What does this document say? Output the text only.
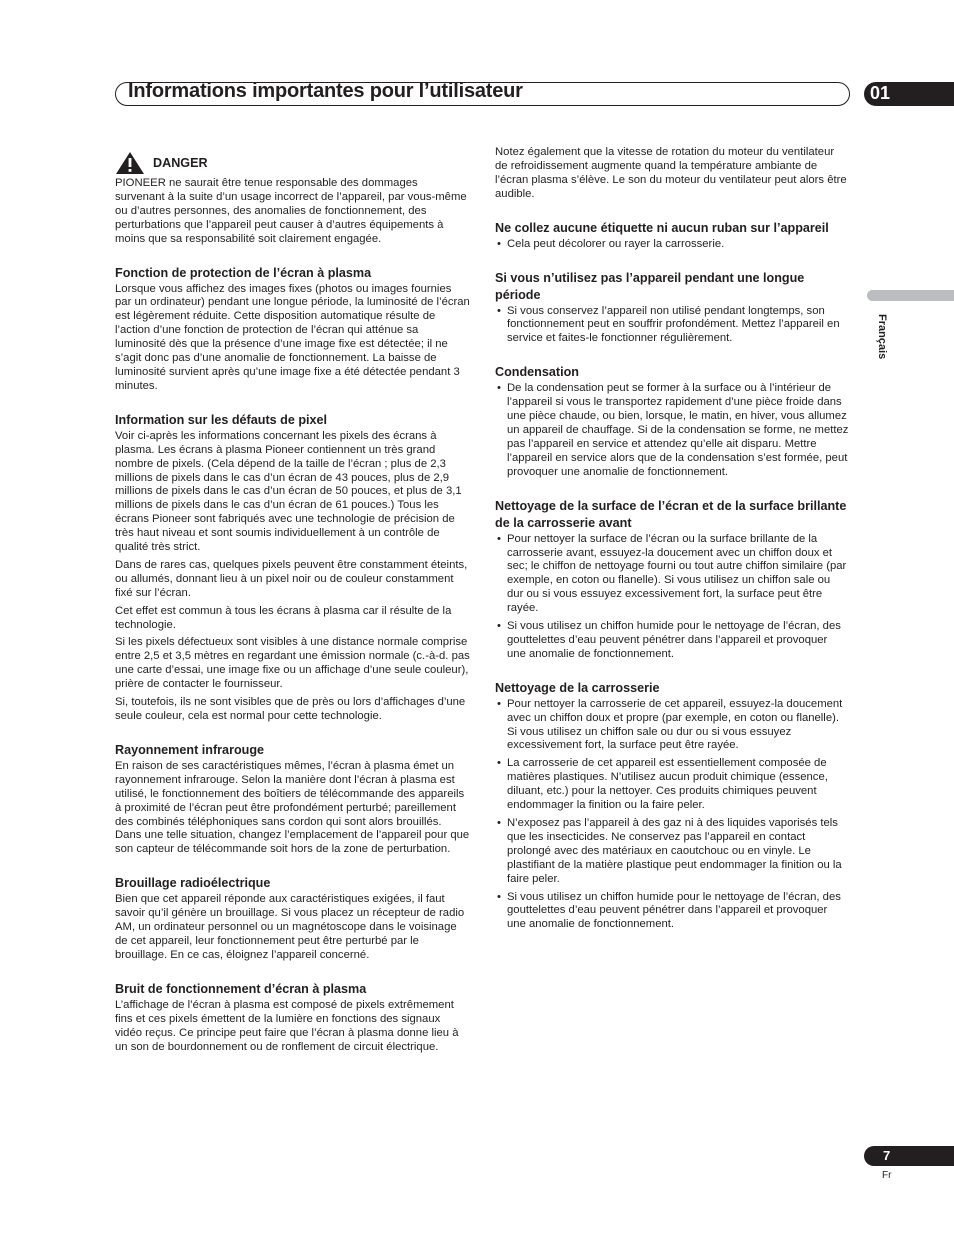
Informations importantes pour l’utilisateur	01
Français
DANGER

PIONEER ne saurait être tenue responsable des dommages survenant à la suite d’un usage incorrect de l’appareil, par vous-même ou d’autres personnes, des anomalies de fonctionnement, des perturbations que l’appareil peut causer à d’autres équipements à moins que sa responsabilité soit clairement engagée.

Fonction de protection de l’écran à plasma

Lorsque vous affichez des images fixes (photos ou images fournies par un ordinateur) pendant une longue période, la luminosité de l’écran est légèrement réduite. Cette disposition automatique résulte de l’action d’une fonction de protection de l’écran qui atténue sa luminosité dès que la présence d’une image fixe est détectée; il ne s’agit donc pas d’une anomalie de fonctionnement. La baisse de luminosité survient après qu’une image fixe a été détectée pendant 3 minutes.

Information sur les défauts de pixel

Voir ci-après les informations concernant les pixels des écrans à plasma. Les écrans à plasma Pioneer contiennent un très grand nombre de pixels. (Cela dépend de la taille de l’écran ; plus de 2,3 millions de pixels dans le cas d’un écran de 43 pouces, plus de 2,9 millions de pixels dans le cas d’un écran de 50 pouces, et plus de 3,1 millions de pixels dans le cas d’un écran de 61 pouces.) Tous les écrans Pioneer sont fabriqués avec une technologie de précision de très haut niveau et sont soumis individuellement à un contrôle de qualité très strict.

Dans de rares cas, quelques pixels peuvent être constamment éteints, ou allumés, donnant lieu à un pixel noir ou de couleur constamment fixé sur l’écran.

Cet effet est commun à tous les écrans à plasma car il résulte de la technologie.

Si les pixels défectueux sont visibles à une distance normale comprise entre 2,5 et 3,5 mètres en regardant une émission normale (c.-à-d. pas une carte d’essai, une image fixe ou un affichage d’une seule couleur), prière de contacter le fournisseur.

Si, toutefois, ils ne sont visibles que de près ou lors d’affichages d’une seule couleur, cela est normal pour cette technologie.

Rayonnement infrarouge

En raison de ses caractéristiques mêmes, l’écran à plasma émet un rayonnement infrarouge. Selon la manière dont l’écran à plasma est utilisé, le fonctionnement des boîtiers de télécommande des appareils à proximité de l’écran peut être profondément perturbé; pareillement des combinés téléphoniques sans cordon qui sont alors brouillés. Dans une telle situation, changez l’emplacement de l’appareil pour que son capteur de télécommande soit hors de la zone de perturbation.

Brouillage radioélectrique

Bien que cet appareil réponde aux caractéristiques exigées, il faut savoir qu’il génère un brouillage. Si vous placez un récepteur de radio AM, un ordinateur personnel ou un magnétoscope dans le voisinage de cet appareil, leur fonctionnement peut être perturbé par le brouillage. En ce cas, éloignez l’appareil concerné.

Bruit de fonctionnement d’écran à plasma

L’affichage de l’écran à plasma est composé de pixels extrêmement fins et ces pixels émettent de la lumière en fonctions des signaux vidéo reçus. Ce principe peut faire que l’écran à plasma donne lieu à un son de bourdonnement ou de ronflement de circuit électrique.

Notez également que la vitesse de rotation du moteur du ventilateur de refroidissement augmente quand la température ambiante de l’écran plasma s’élève. Le son du moteur du ventilateur peut alors être audible.

Ne collez aucune étiquette ni aucun ruban sur l’appareil
• Cela peut décolorer ou rayer la carrosserie.
Si vous n’utilisez pas l’appareil pendant une longue période
• Si vous conservez l’appareil non utilisé pendant longtemps, son fonctionnement peut en souffrir profondément. Mettez l’appareil en service et faites-le fonctionner régulièrement.
Condensation
• De la condensation peut se former à la surface ou à l’intérieur de l’appareil si vous le transportez rapidement d’une pièce froide dans une pièce chaude, ou bien, lorsque, le matin, en hiver, vous allumez un appareil de chauffage. Si de la condensation se forme, ne mettez pas l’appareil en service et attendez qu’elle ait disparu. Mettre l’appareil en service alors que de la condensation s’est formée, peut provoquer une anomalie de fonctionnement.
Nettoyage de la surface de l’écran et de la surface brillante de la carrosserie avant
• Pour nettoyer la surface de l’écran ou la surface brillante de la carrosserie avant, essuyez-la doucement avec un chiffon doux et sec; le chiffon de nettoyage fourni ou tout autre chiffon similaire (par exemple, en coton ou flanelle). Si vous utilisez un chiffon sale ou dur ou si vous essuyez excessivement fort, la surface peut être rayée.
• Si vous utilisez un chiffon humide pour le nettoyage de l’écran, des gouttelettes d’eau peuvent pénétrer dans l’appareil et provoquer une anomalie de fonctionnement.
Nettoyage de la carrosserie
• Pour nettoyer la carrosserie de cet appareil, essuyez-la doucement avec un chiffon doux et propre (par exemple, en coton ou flanelle). Si vous utilisez un chiffon sale ou dur ou si vous essuyez excessivement fort, la surface peut être rayée.
• La carrosserie de cet appareil est essentiellement composée de matières plastiques. N’utilisez aucun produit chimique (essence, diluant, etc.) pour la nettoyer. Ces produits chimiques peuvent endommager la finition ou la faire peler.
• N’exposez pas l’appareil à des gaz ni à des liquides vaporisés tels que les insecticides. Ne conservez pas l’appareil en contact prolongé avec des matériaux en caoutchouc ou en vinyle. Le plastifiant de la matière plastique peut endommager la finition ou la faire peler.
• Si vous utilisez un chiffon humide pour le nettoyage de l’écran, des gouttelettes d’eau peuvent pénétrer dans l’appareil et provoquer une anomalie de fonctionnement.
7
Fr
